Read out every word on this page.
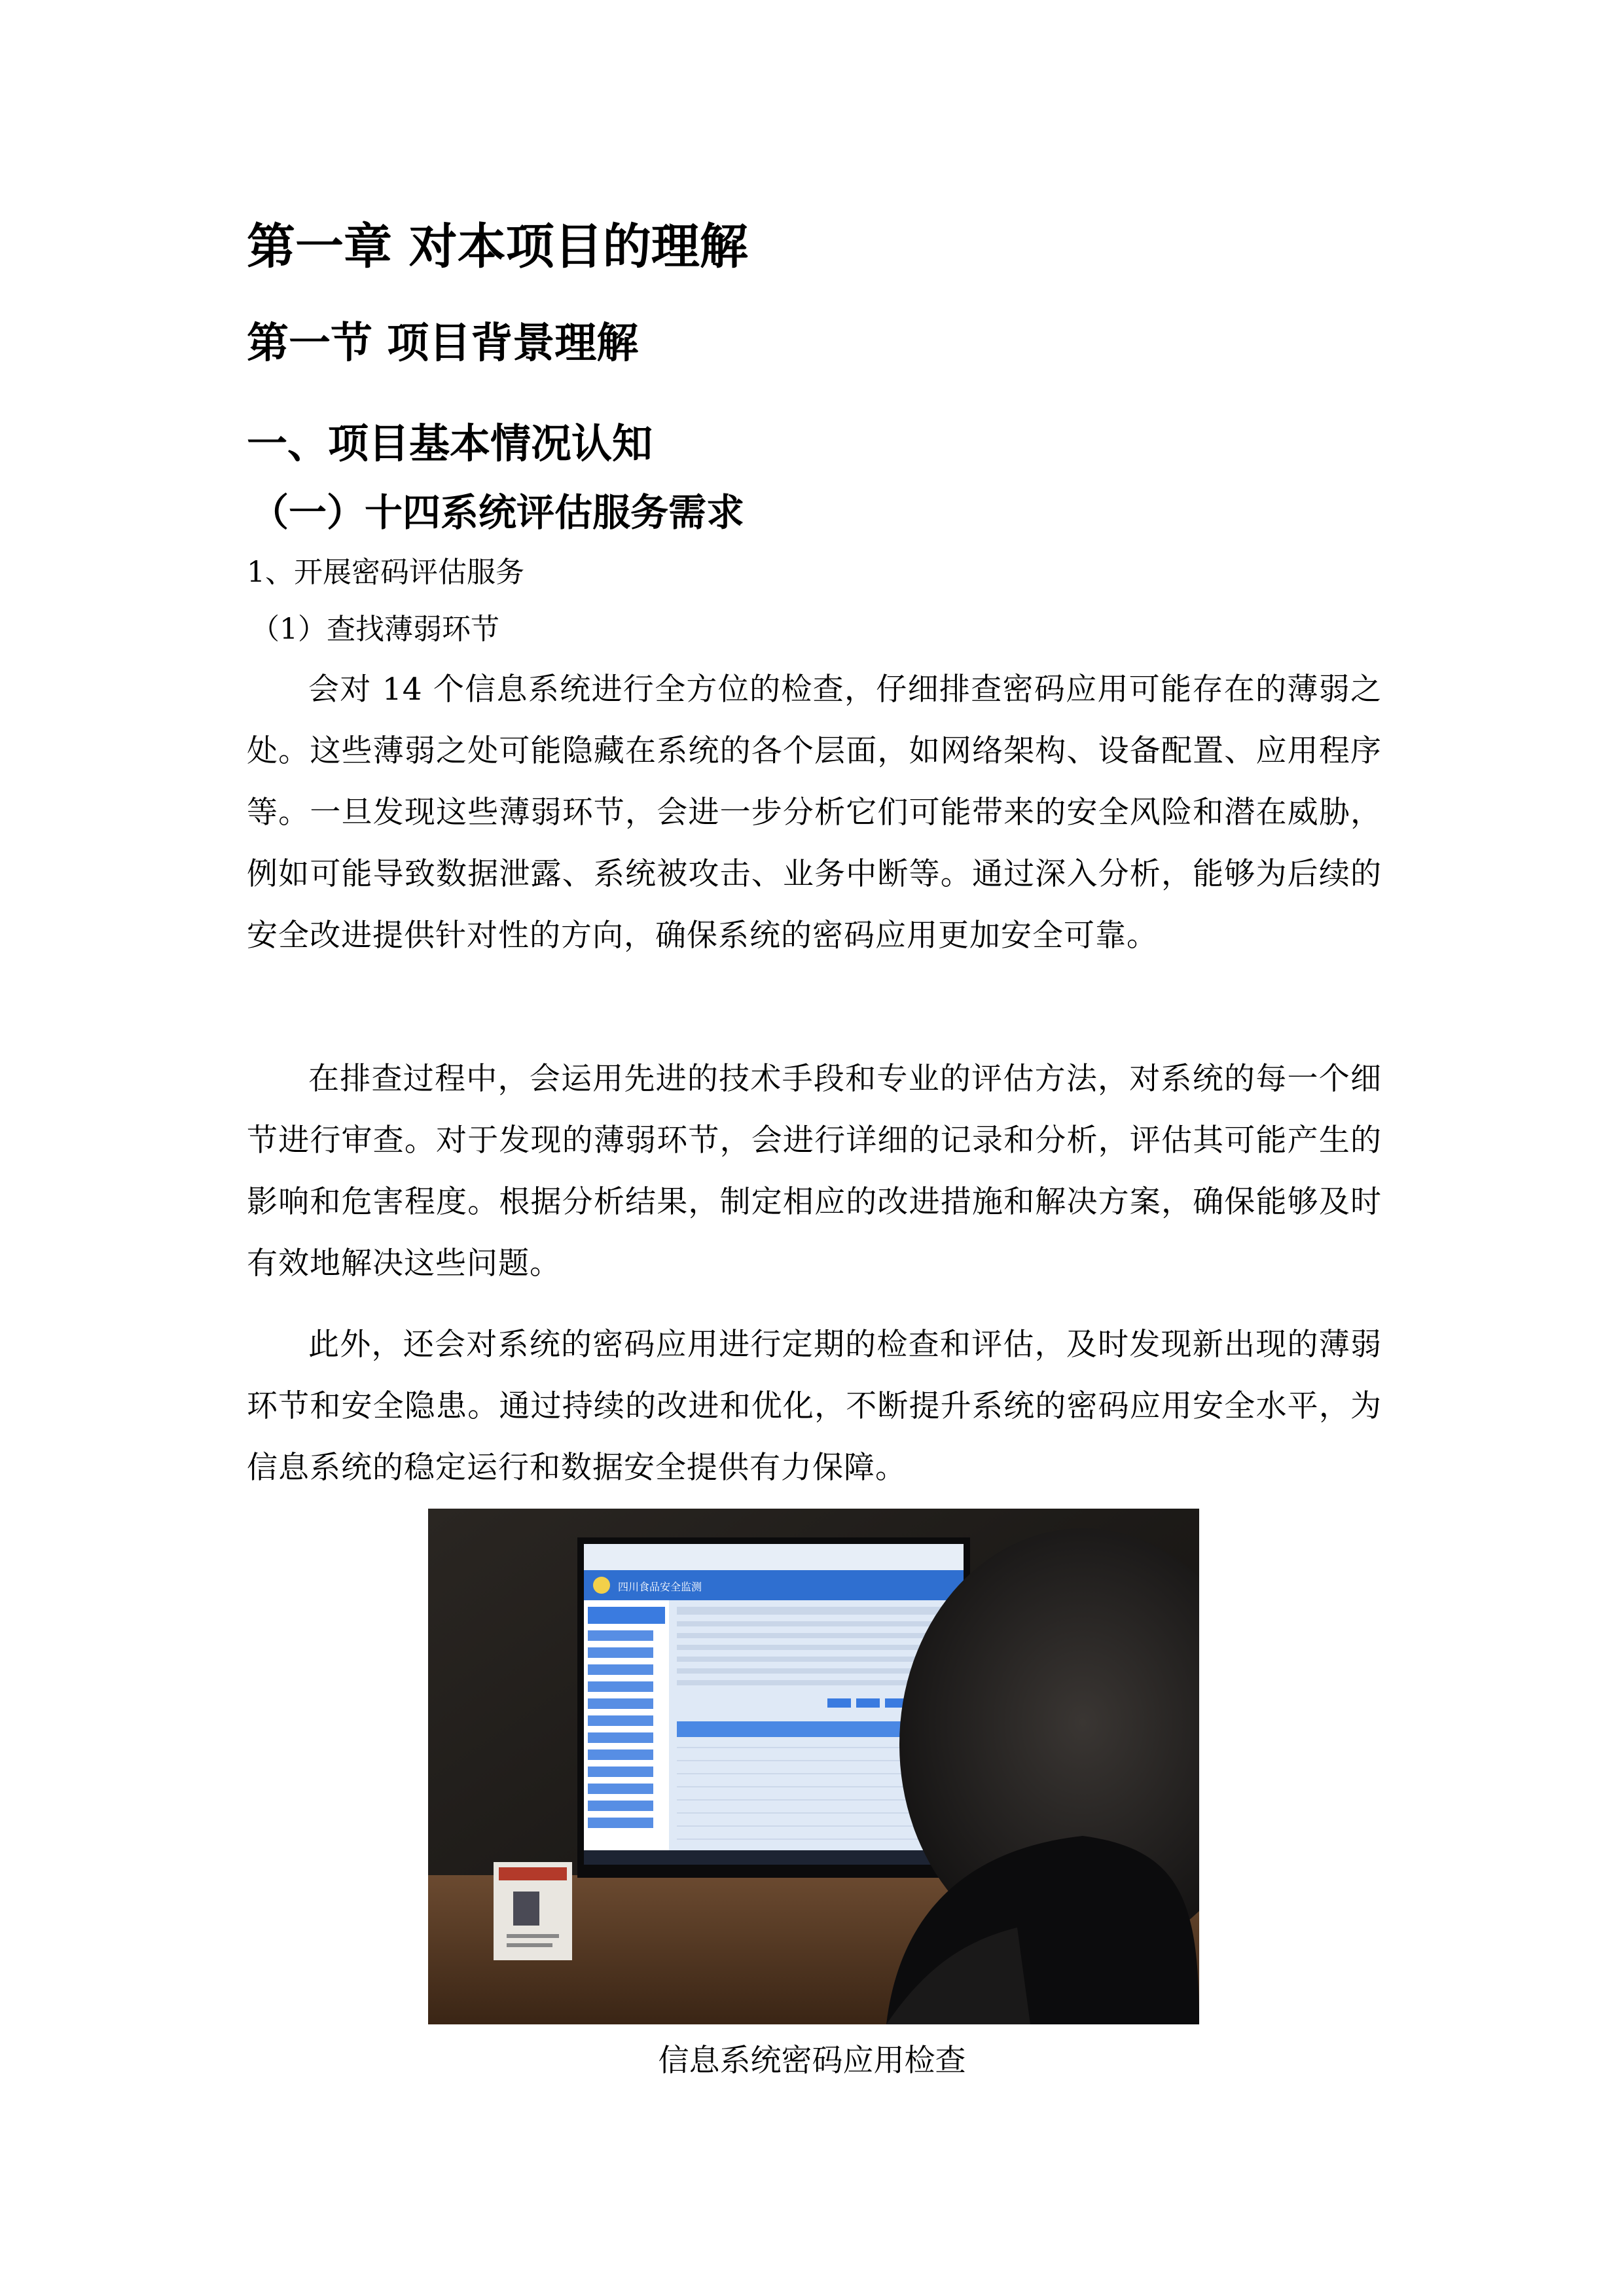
第一章 对本项目的理解
第一节 项目背景理解
一、项目基本情况认知
（一）十四系统评估服务需求
1、开展密码评估服务
（1）查找薄弱环节

会对 14 个信息系统进行全方位的检查，仔细排查密码应用可能存在的薄弱之处。这些薄弱之处可能隐藏在系统的各个层面，如网络架构、设备配置、应用程序等。一旦发现这些薄弱环节，会进一步分析它们可能带来的安全风险和潜在威胁，例如可能导致数据泄露、系统被攻击、业务中断等。通过深入分析，能够为后续的安全改进提供针对性的方向，确保系统的密码应用更加安全可靠。

在排查过程中，会运用先进的技术手段和专业的评估方法，对系统的每一个细节进行审查。对于发现的薄弱环节，会进行详细的记录和分析，评估其可能产生的影响和危害程度。根据分析结果，制定相应的改进措施和解决方案，确保能够及时有效地解决这些问题。

此外，还会对系统的密码应用进行定期的检查和评估，及时发现新出现的薄弱环节和安全隐患。通过持续的改进和优化，不断提升系统的密码应用安全水平，为信息系统的稳定运行和数据安全提供有力保障。

四川食品安全监测

信息系统密码应用检查
